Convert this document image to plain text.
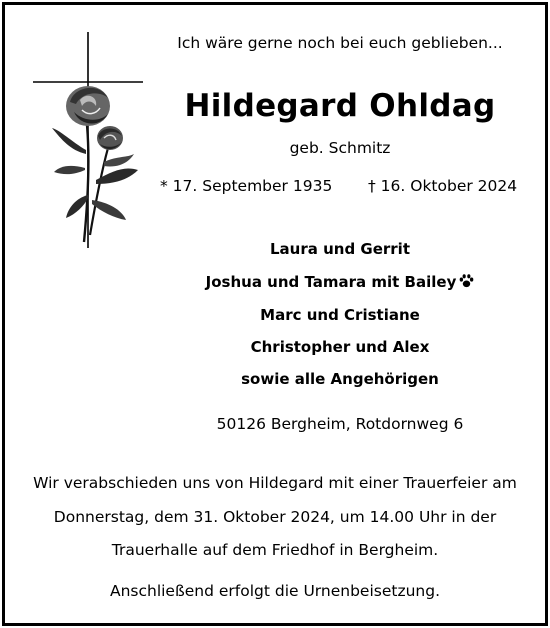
Ich wäre gerne noch bei euch geblieben...
Hildegard Ohldag
geb. Schmitz
* 17. September 1935 † 16. Oktober 2024
Laura und Gerrit
Joshua und Tamara mit Bailey
Marc und Cristiane
Christopher und Alex
sowie alle Angehörigen
50126 Bergheim, Rotdornweg 6
Wir verabschieden uns von Hildegard mit einer Trauerfeier am
Donnerstag, dem 31. Oktober 2024, um 14.00 Uhr in der
Trauerhalle auf dem Friedhof in Bergheim.
Anschließend erfolgt die Urnenbeisetzung.
